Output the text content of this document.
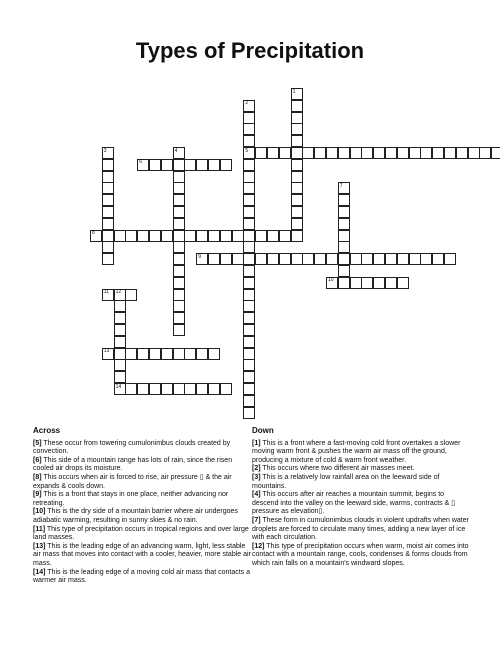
Types of Precipitation
1
2
5
3	4
6
7
8
9
10
11 12
14
13
Across

[5] These occur from towering cumulonimbus clouds created by convection.

[6] This side of a mountain range has lots of rain, since the risen cooled air drops its moisture.

[8] This occurs when air is forced to rise, air pressure ▯ & the air expands & cools down.

[9] This is a front that stays in one place, neither advancing nor retreating.

[10] This is the dry side of a mountain barrier where air undergoes adiabatic warming, resulting in sunny skies & no rain.

[11] This type of precipitation occurs in tropical regions and over large land masses.

[13] This is the leading edge of an advancing warm, light, less stable air mass that moves into contact with a cooler, heavier, more stable air mass.

[14] This is the leading edge of a moving cold air mass that contacts a warmer air mass.

Down

[1] This is a front where a fast-moving cold front overtakes a slower moving warm front & pushes the warm air mass off the ground, producing a mixture of cold & warm front weather.

[2] This occurs where two different air masses meet.

[3] This is a relatively low rainfall area on the leeward side of mountains.

[4] This occurs after air reaches a mountain summit, begins to descend into the valley on the leeward side, warms, contracts & ▯ pressure as elevation▯.

[7] These form in cumulonimbus clouds in violent updrafts when water droplets are forced to circulate many times, adding a new layer of ice with each circulation.

[12] This type of precipitation occurs when warm, moist air comes into contact with a mountain range, cools, condenses & forms clouds from which rain falls on a mountain's windward slopes.
